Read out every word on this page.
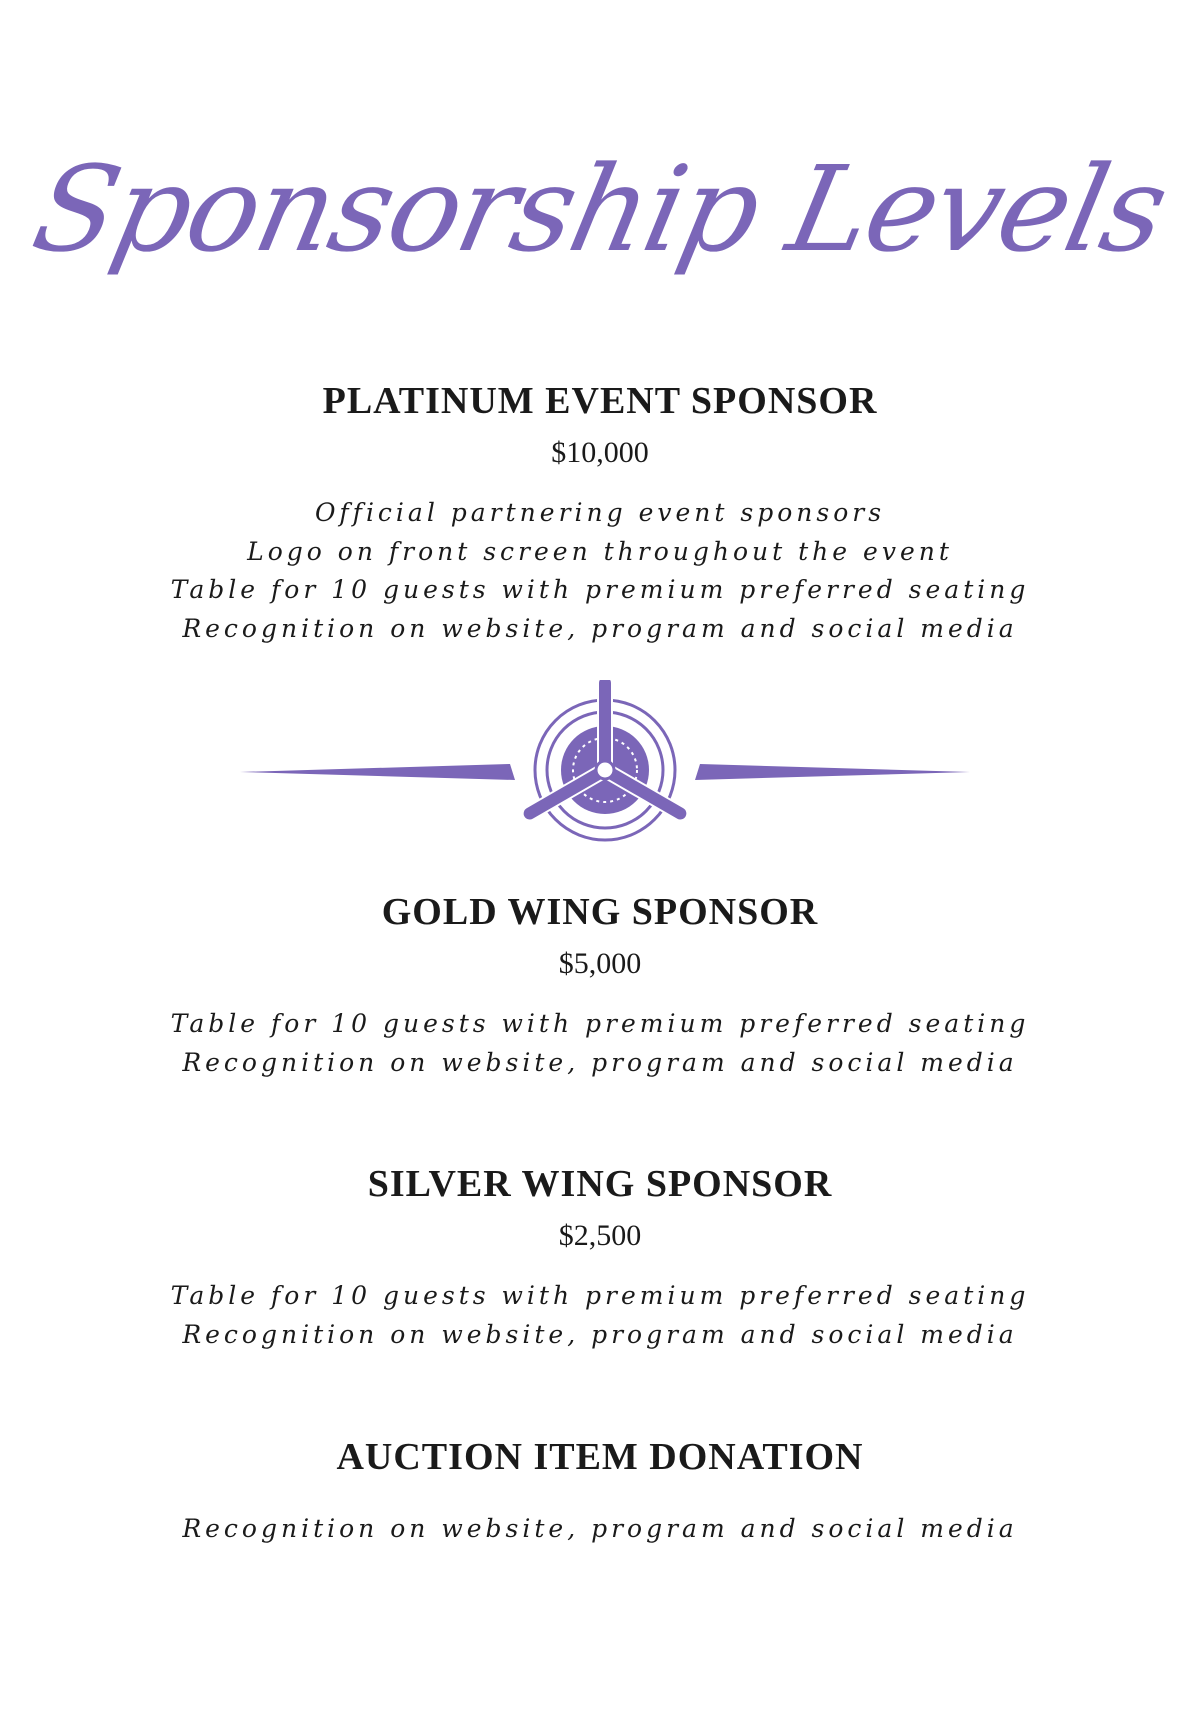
Sponsorship Levels
PLATINUM EVENT SPONSOR
$10,000
Official partnering event sponsors
Logo on front screen throughout the event
Table for 10 guests with premium preferred seating
Recognition on website, program and social media
GOLD WING SPONSOR
$5,000
Table for 10 guests with premium preferred seating
Recognition on website, program and social media
SILVER WING SPONSOR
$2,500
Table for 10 guests with premium preferred seating
Recognition on website, program and social media
AUCTION ITEM DONATION
Recognition on website, program and social media
